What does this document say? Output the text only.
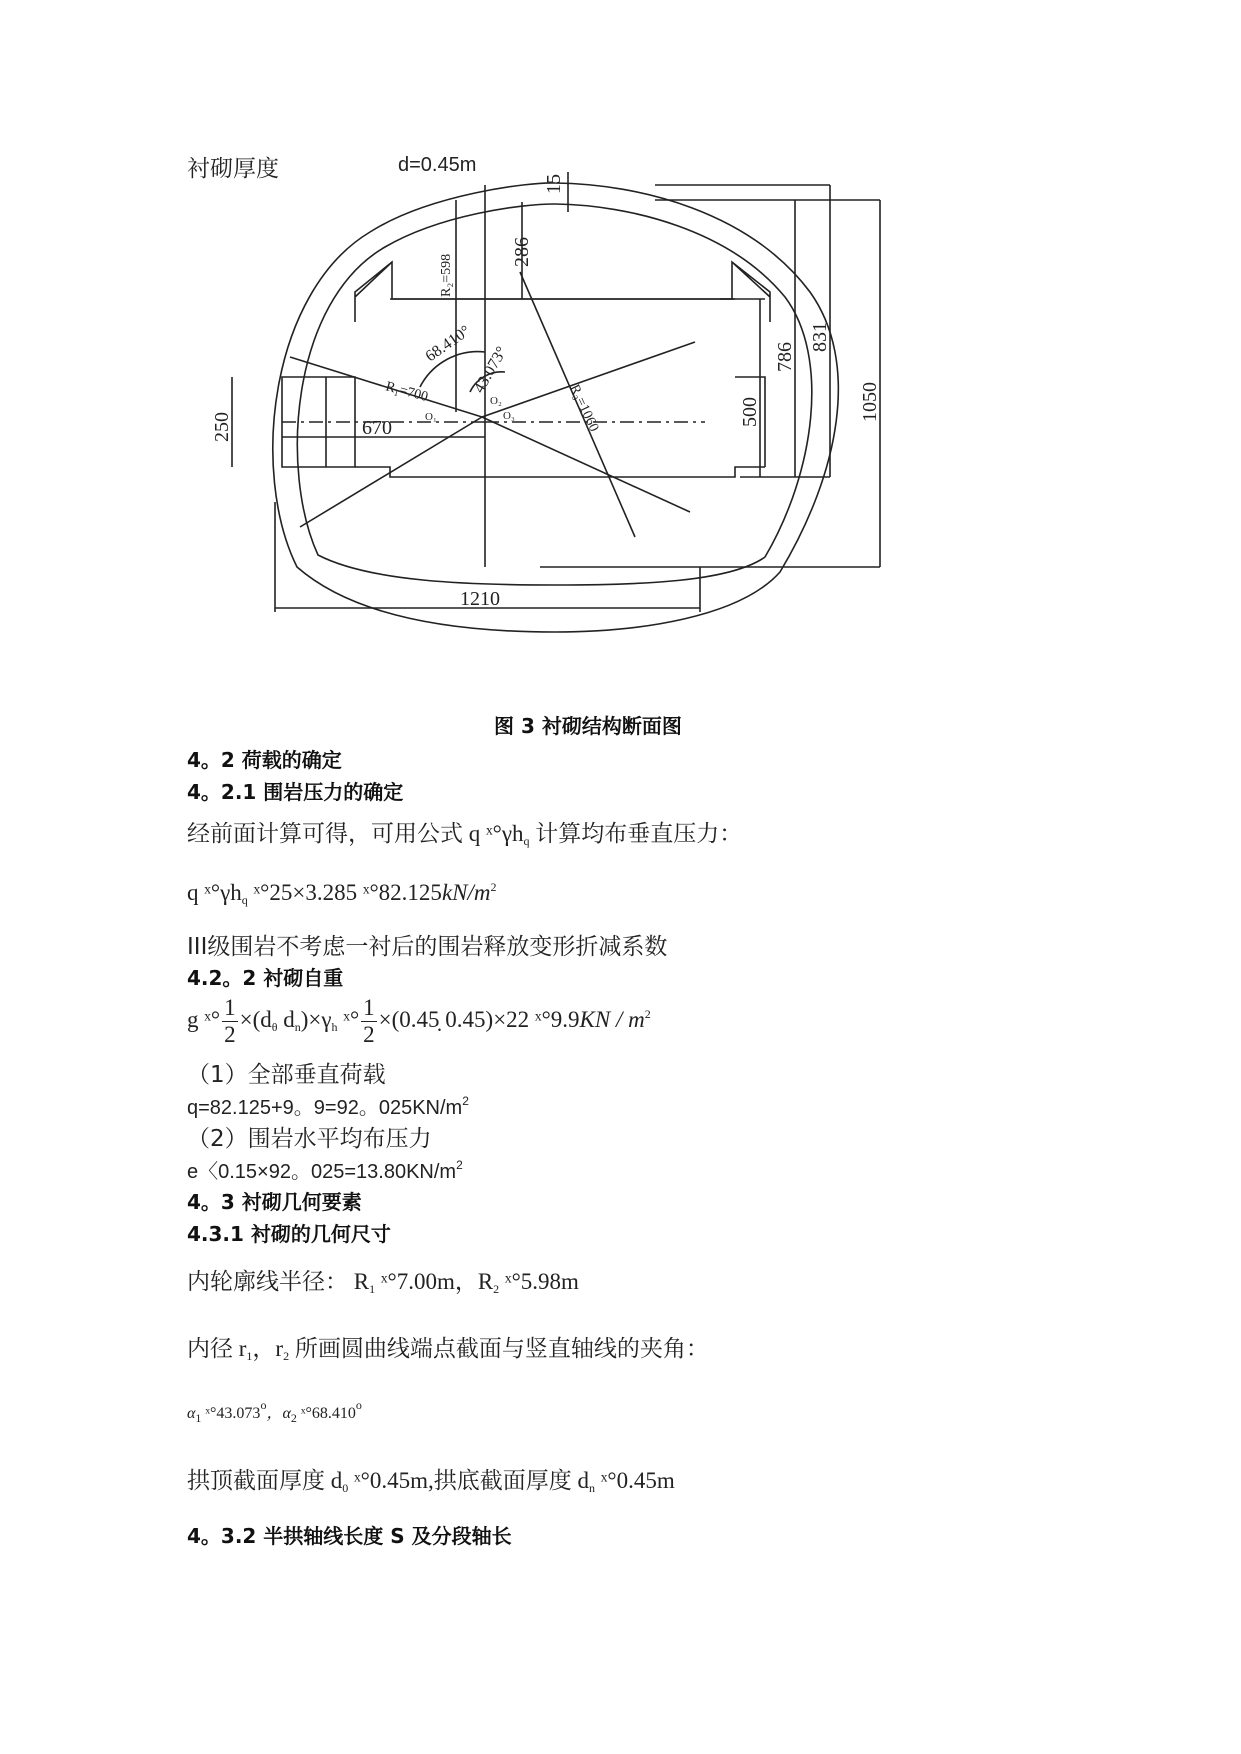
衬砌厚度	d=0.45m
15
286
R₂=598
R₁=700	R₃=1060
43.073°
68.410°
500
786
831
1050
250	670
1210
O₁
O₂
O₃
图 3 衬砌结构断面图
4。2 荷载的确定
4。2.1 围岩压力的确定
经前面计算可得，可用公式 q $ˣ^\circ\gamma h_q$ 计算均布垂直压力：
q $ˣ^\circ\gamma h_q$ ˣ°25×3.285 $ˣ^\circ 82.125kN/m^2$
III级围岩不考虑一衬后的围岩释放变形折减系数
4.2。2 衬砌自重
g ˣ° $\frac{1}{2} \times(d_\theta$ $d_n)\times\gamma_h$ ˣ° $\frac{1}{2}$ ×(0.45̣ 0.45)×22 ˣ°9.9KN / $m^2$
（1）全部垂直荷载
q=82.125+9。9=92。$025KN/m^2$
（2）围岩水平均布压力
e〈0.15×92。$025=13.80KN/m^2$
4。3 衬砌几何要素
4.3.1 衬砌的几何尺寸
内轮廓线半径： $R_1$ ˣ°7.00m，$R_2$ ˣ°5.98m
内径 $r_1$，$r_2$ 所画圆曲线端点截面与竖直轴线的夹角：
$\alpha_1$ ˣ°43.073$^o$，$\alpha_2$ ˣ°68.410$^o$
拱顶截面厚度 $d_0$ ˣ°0.45m,拱底截面厚度 $d_n$ ˣ°0.45m
4。3.2 半拱轴线长度 S 及分段轴长
